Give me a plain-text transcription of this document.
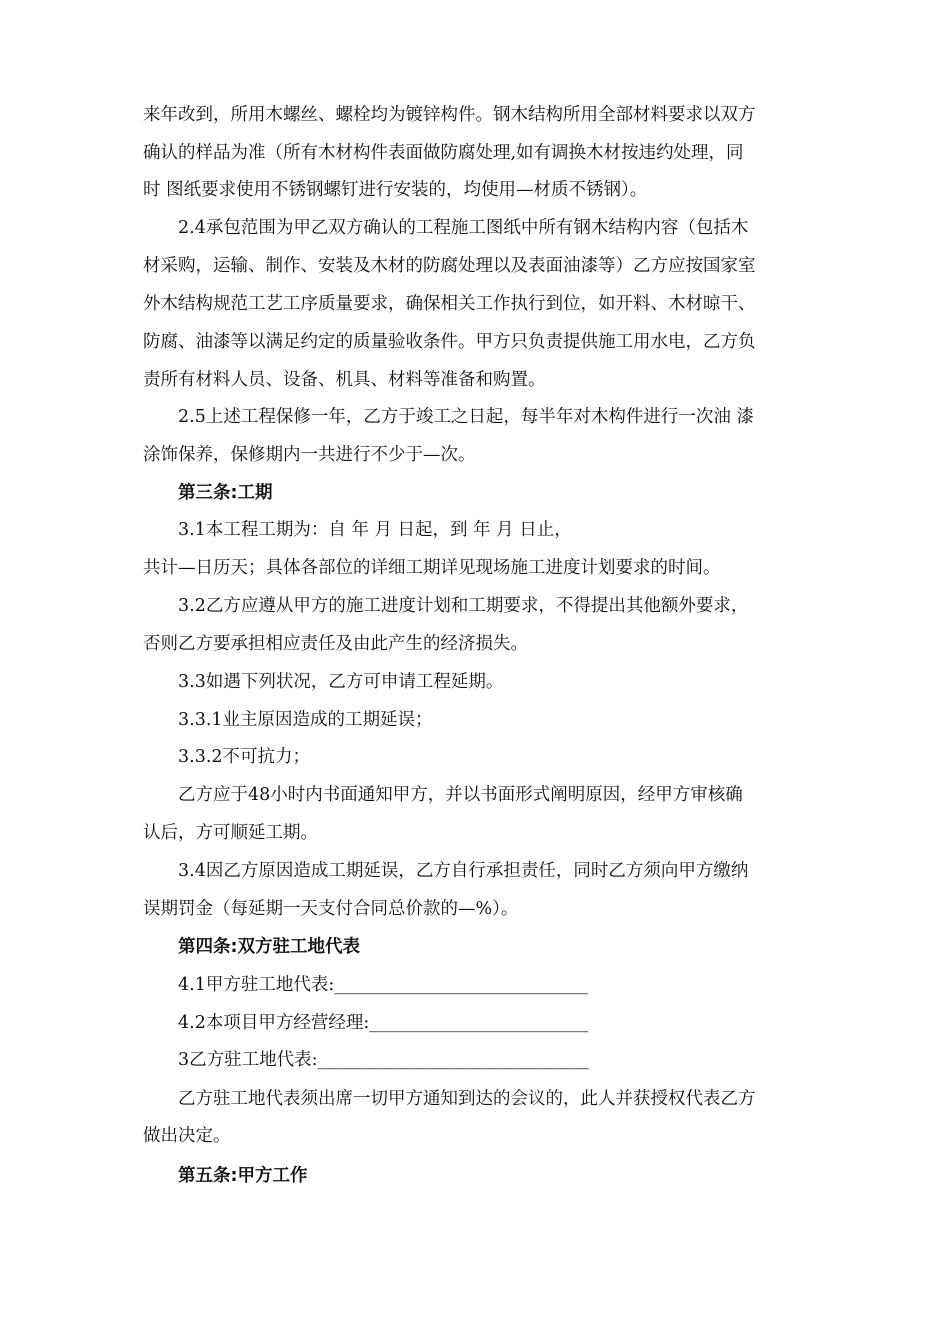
来年改到，所用木螺丝、螺栓均为镀锌构件。钢木结构所用全部材料要求以双方
确认的样品为准（所有木材构件表面做防腐处理,如有调换木材按违约处理，同
时 图纸要求使用不锈钢螺钉进行安装的，均使用—材质不锈钢）。
2.4承包范围为甲乙双方确认的工程施工图纸中所有钢木结构内容（包括木
材采购，运输、制作、安装及木材的防腐处理以及表面油漆等）乙方应按国家室
外木结构规范工艺工序质量要求，确保相关工作执行到位，如开料、木材晾干、
防腐、油漆等以满足约定的质量验收条件。甲方只负责提供施工用水电，乙方负
责所有材料人员、设备、机具、材料等准备和购置。
2.5上述工程保修一年，乙方于竣工之日起，每半年对木构件进行一次油 漆
涂饰保养，保修期内一共进行不少于—次。
第三条:工期
3.1本工程工期为：自 年 月 日起，到 年 月 日止，
共计—日历天；具体各部位的详细工期详见现场施工进度计划要求的时间。
3.2乙方应遵从甲方的施工进度计划和工期要求，不得提出其他额外要求，
否则乙方要承担相应责任及由此产生的经济损失。
3.3如遇下列状况，乙方可申请工程延期。
3.3.1业主原因造成的工期延误；
3.3.2不可抗力；
乙方应于48小时内书面通知甲方，并以书面形式阐明原因，经甲方审核确
认后，方可顺延工期。
3.4因乙方原因造成工期延误，乙方自行承担责任，同时乙方须向甲方缴纳
误期罚金（每延期一天支付合同总价款的—%）。
第四条:双方驻工地代表
4.1甲方驻工地代表:_____________________________
4.2本项目甲方经营经理:_________________________
3乙方驻工地代表:_______________________________
乙方驻工地代表须出席一切甲方通知到达的会议的，此人并获授权代表乙方
做出决定。
第五条:甲方工作
